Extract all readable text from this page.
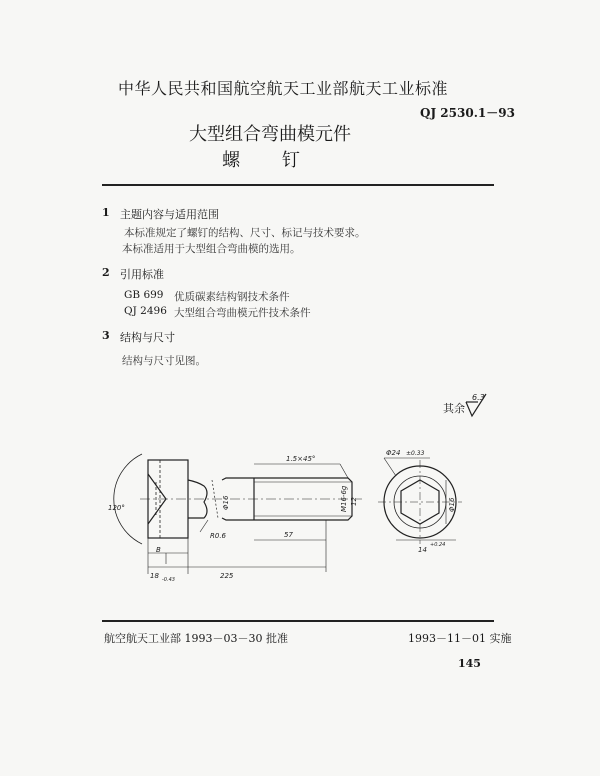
中华人民共和国航空航天工业部航天工业标准
QJ 2530.1－93
大型组合弯曲模元件
螺 钉
1 主题内容与适用范围
本标准规定了螺钉的结构、尺寸、标记与技术要求。
本标准适用于大型组合弯曲模的选用。
2 引用标准
GB 699 优质碳素结构钢技术条件
QJ 2496 大型组合弯曲模元件技术条件
3 结构与尺寸
结构与尺寸见图。
其余
6.3
120°
1.5×45°
R0.6
Φ16	M16-6g
57
225
B
18 -0.43
12
Φ24 ±0.33
Φ16
14
+0.24
航空航天工业部 1993－03－30 批准	1993－11－01 实施
145
